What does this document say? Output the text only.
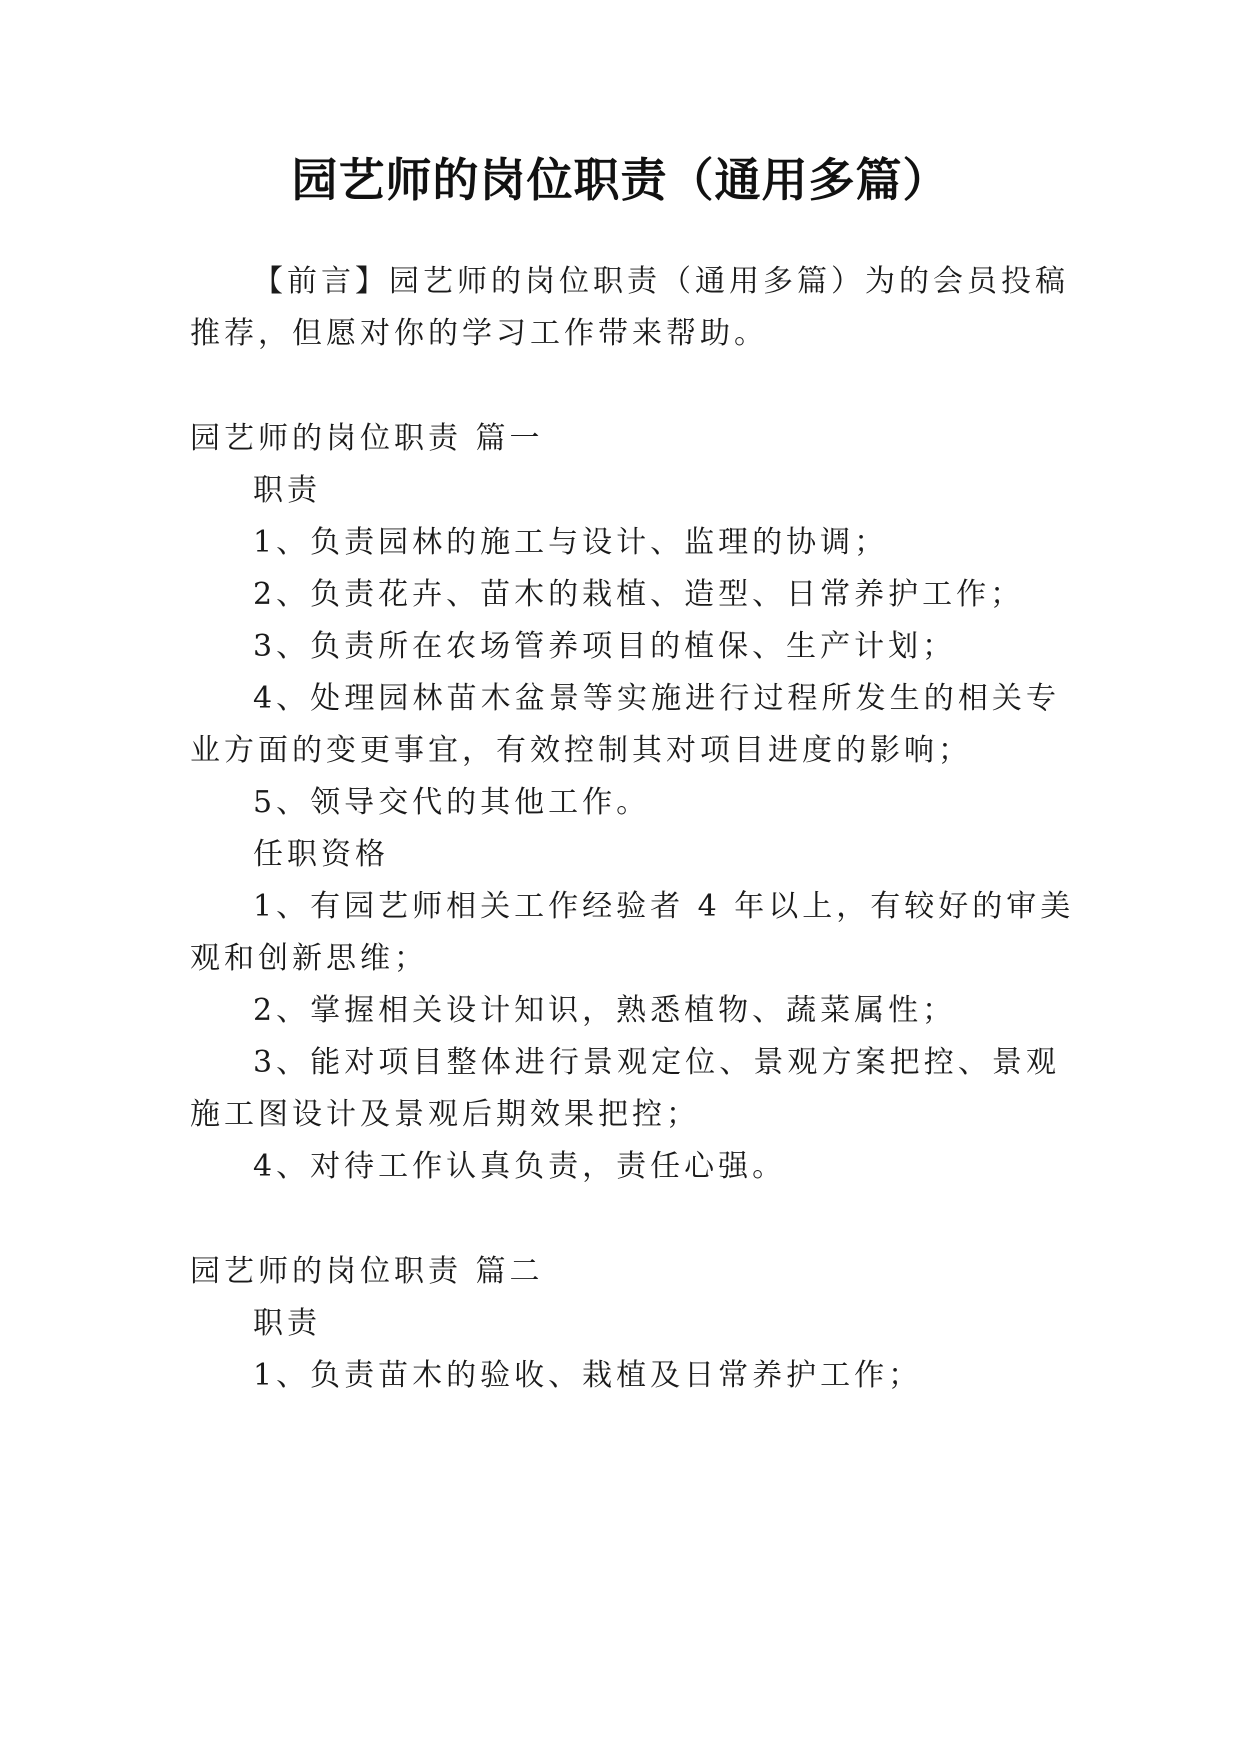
园艺师的岗位职责（通用多篇）
【前言】园艺师的岗位职责（通用多篇）为的会员投稿
推荐，但愿对你的学习工作带来帮助。
园艺师的岗位职责 篇一
职责
1、负责园林的施工与设计、监理的协调；
2、负责花卉、苗木的栽植、造型、日常养护工作；
3、负责所在农场管养项目的植保、生产计划；
4、处理园林苗木盆景等实施进行过程所发生的相关专
业方面的变更事宜，有效控制其对项目进度的影响；
5、领导交代的其他工作。
任职资格
1、有园艺师相关工作经验者 4 年以上，有较好的审美
观和创新思维；
2、掌握相关设计知识，熟悉植物、蔬菜属性；
3、能对项目整体进行景观定位、景观方案把控、景观
施工图设计及景观后期效果把控；
4、对待工作认真负责，责任心强。
园艺师的岗位职责 篇二
职责
1、负责苗木的验收、栽植及日常养护工作；
